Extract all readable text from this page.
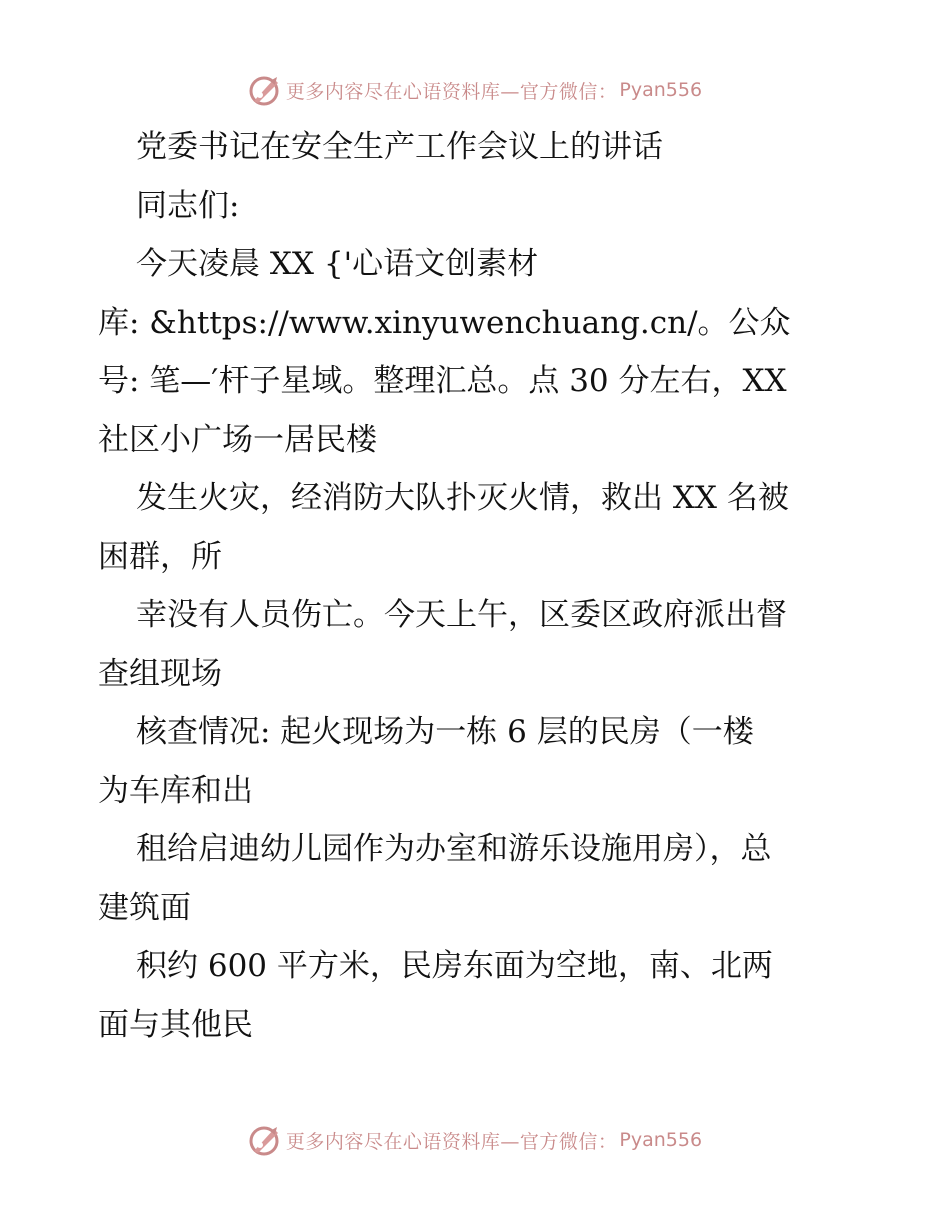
更多内容尽在心语资料库—官方微信： Pyan556
党委书记在安全生产工作会议上的讲话
同志们:
今天凌晨 XX {'心语文创素材
库: &https://www.xinyuwenchuang.cn/。公众
号: 笔—′杆子星域。整理汇总。点 30 分左右，XX
社区小广场一居民楼
发生火灾，经消防大队扑灭火情，救出 XX 名被
困群，所
幸没有人员伤亡。今天上午，区委区政府派出督
查组现场
核查情况: 起火现场为一栋 6 层的民房（一楼
为车库和出
租给启迪幼儿园作为办室和游乐设施用房），总
建筑面
积约 600 平方米，民房东面为空地，南、北两
面与其他民
更多内容尽在心语资料库—官方微信： Pyan556
